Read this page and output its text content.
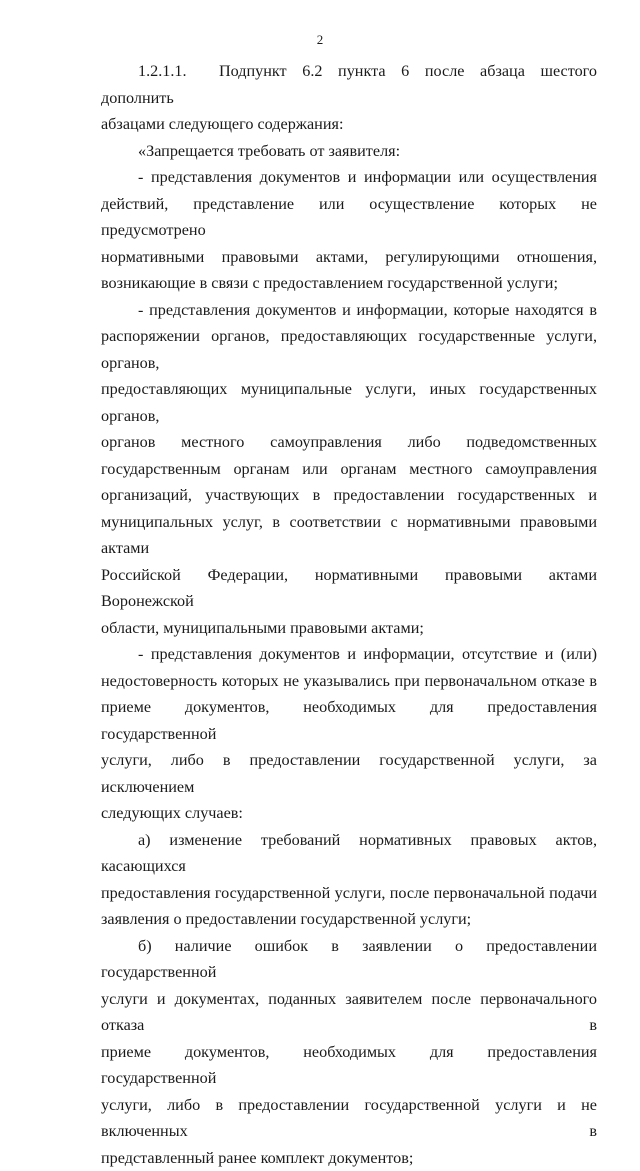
2
1.2.1.1.  Подпункт 6.2 пункта 6 после абзаца шестого дополнить
абзацами следующего содержания:
«Запрещается требовать от заявителя:
- представления документов и информации или осуществления
действий, представление или осуществление которых не предусмотрено
нормативными правовыми актами, регулирующими отношения,
возникающие в связи с предоставлением государственной услуги;
- представления документов и информации, которые находятся в
распоряжении органов, предоставляющих государственные услуги, органов,
предоставляющих муниципальные услуги, иных государственных органов,
органов местного самоуправления либо подведомственных
государственным органам или органам местного самоуправления
организаций, участвующих в предоставлении государственных и
муниципальных услуг, в соответствии с нормативными правовыми актами
Российской Федерации, нормативными правовыми актами Воронежской
области, муниципальными правовыми актами;
- представления документов и информации, отсутствие и (или)
недостоверность которых не указывались при первоначальном отказе в
приеме документов, необходимых для предоставления государственной
услуги, либо в предоставлении государственной услуги, за исключением
следующих случаев:
а) изменение требований нормативных правовых актов, касающихся
предоставления государственной услуги, после первоначальной подачи
заявления о предоставлении государственной услуги;
б) наличие ошибок в заявлении о предоставлении государственной
услуги и документах, поданных заявителем после первоначального отказа в
приеме документов, необходимых для предоставления государственной
услуги, либо в предоставлении государственной услуги и не включенных в
представленный ранее комплект документов;
